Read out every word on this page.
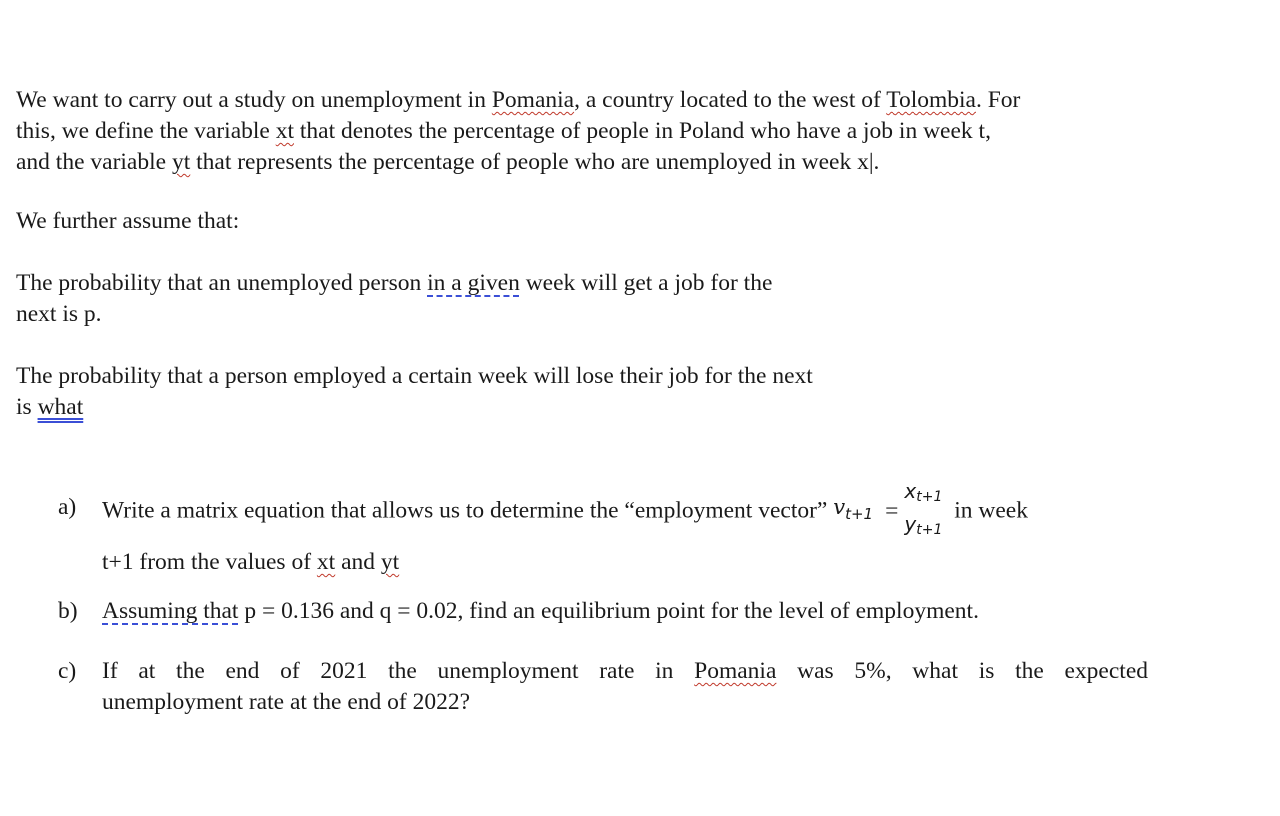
We want to carry out a study on unemployment in Pomania, a country located to the west of Tolombia. For
this, we define the variable xt that denotes the percentage of people in Poland who have a job in week t,
and the variable yt that represents the percentage of people who are unemployed in week x|.
We further assume that:
The probability that an unemployed person in a given week will get a job for the
next is p.
The probability that a person employed a certain week will lose their job for the next
is what
a) Write a matrix equation that allows us to determine the “employment vector” $v_{t+1}$ =
$x_{t+1}$
$y_{t+1}$
in week
t+1 from the values of xt and yt
b) Assuming that p = 0.136 and q = 0.02, find an equilibrium point for the level of employment.
c) If at the end of 2021 the unemployment rate in Pomania was 5%, what is the expected
unemployment rate at the end of 2022?
